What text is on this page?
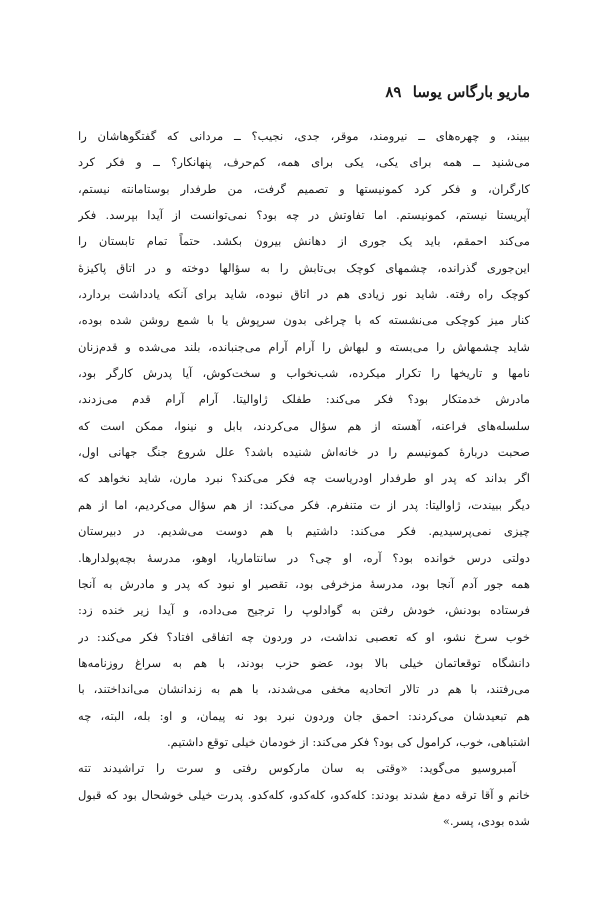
ماریو بارگاس یوسا ۸۹
ببیند، و چهره‌های ــ نیرومند، موقر، جدی، نجیب؟ ــ مردانی که گفتگوهاشان را
می‌شنید ــ همه برای یکی، یکی برای همه، کم‌حرف، پنهانکار؟ ــ و فکر کرد
کارگران، و فکر کرد کمونیستها و تصمیم گرفت، من طرفدار بوستامانته نیستم،
آپریستا نیستم، کمونیستم. اما تفاوتش در چه بود؟ نمی‌توانست از آیدا بپرسد. فکر
می‌کند احمقم، باید یک جوری از دهانش بیرون بکشد. حتماً تمام تابستان را
این‌جوری گذرانده، چشمهای کوچک بی‌تابش را به سؤالها دوخته و در اتاق پاکیزهٔ
کوچک راه رفته. شاید نور زیادی هم در اتاق نبوده، شاید برای آنکه یادداشت بردارد،
کنار میز کوچکی می‌نشسته که با چراغی بدون سرپوش یا با شمع روشن شده بوده،
شاید چشمهاش را می‌بسته و لبهاش را آرام آرام می‌جنبانده، بلند می‌شده و قدم‌زنان
نامها و تاریخها را تکرار میکرده، شب‌نخواب و سخت‌کوش، آیا پدرش کارگر بود،
مادرش خدمتکار بود؟ فکر می‌کند: طفلک ژاوالیتا. آرام آرام قدم می‌زدند،
سلسله‌های فراعنه، آهسته از هم سؤال می‌کردند، بابل و نینوا، ممکن است که
صحبت دربارهٔ کمونیسم را در خانه‌اش شنیده باشد؟ علل شروع جنگ جهانی اول،
اگر بداند که پدر او طرفدار اودریاست چه فکر می‌کند؟ نبرد مارن، شاید نخواهد که
دیگر ببیندت، ژاوالیتا: پدر از ت متنفرم. فکر می‌کند: از هم سؤال می‌کردیم، اما از هم
چیزی نمی‌پرسیدیم. فکر می‌کند: داشتیم با هم دوست می‌شدیم. در دبیرستان
دولتی درس خوانده بود؟ آره، او چی؟ در سانتاماریا، اوهو، مدرسهٔ بچه‌پولدارها.
همه جور آدم آنجا بود، مدرسهٔ مزخرفی بود، تقصیر او نبود که پدر و مادرش به آنجا
فرستاده بودنش، خودش رفتن به گوادلوپ را ترجیح می‌داده، و آیدا زیر خنده زد:
خوب سرخ نشو، او که تعصبی نداشت، در وردون چه اتفاقی افتاد؟ فکر می‌کند: در
دانشگاه توقعاتمان خیلی بالا بود، عضو حزب بودند، با هم به سراغ روزنامه‌ها
می‌رفتند، با هم در تالار اتحادیه مخفی می‌شدند، با هم به زندانشان می‌انداختند، با
هم تبعیدشان می‌کردند: احمق جان وردون نبرد بود نه پیمان، و او: بله، البته، چه
اشتباهی، خوب، کرامول کی بود؟ فکر می‌کند: از خودمان خیلی توقع داشتیم.
آمبروسیو می‌گوید: «وقتی به سان مارکوس رفتی و سرت را تراشیدند تته
خانم و آقا ترقه دمغ شدند بودند: کله‌کدو، کله‌کدو، کله‌کدو. پدرت خیلی خوشحال بود که قبول
شده بودی، پسر.»
